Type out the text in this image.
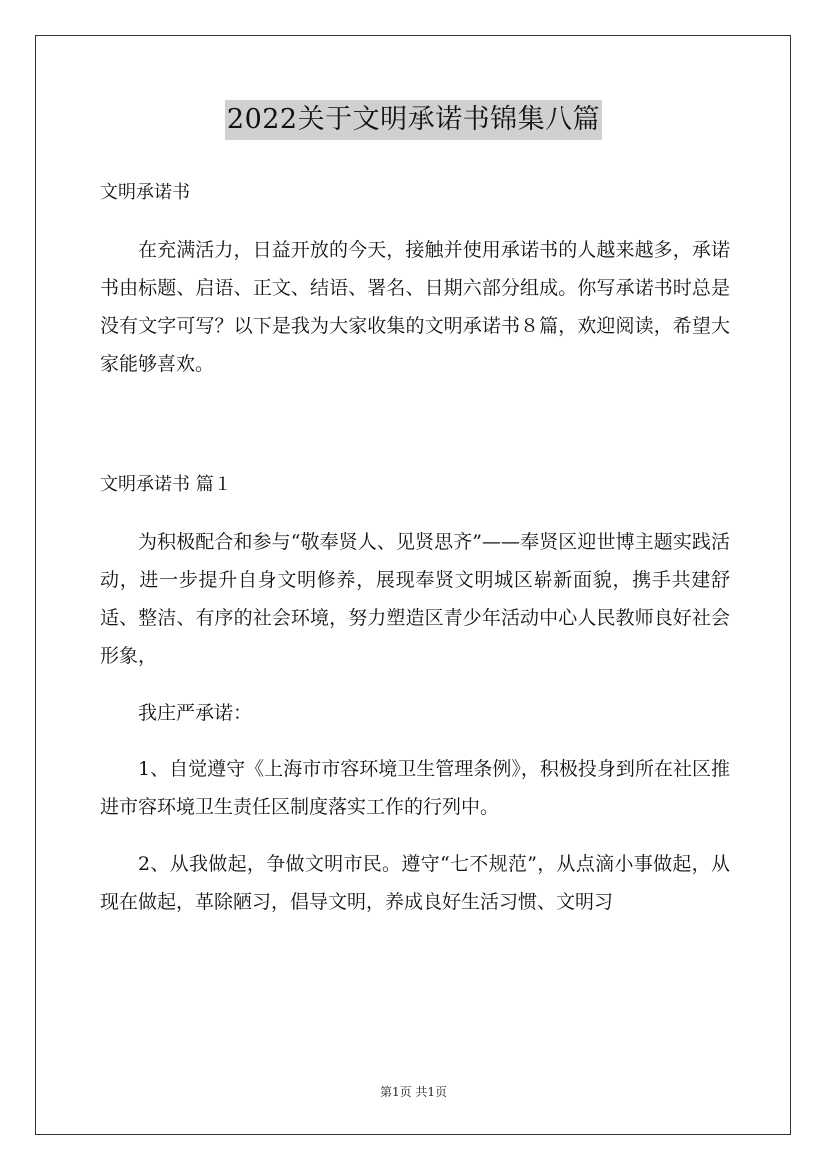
2022关于文明承诺书锦集八篇

文明承诺书

在充满活力，日益开放的今天，接触并使用承诺书的人越来越多，承诺书由标题、启语、正文、结语、署名、日期六部分组成。你写承诺书时总是没有文字可写？以下是我为大家收集的文明承诺书８篇，欢迎阅读，希望大家能够喜欢。

文明承诺书 篇１

为积极配合和参与“敬奉贤人、见贤思齐”——奉贤区迎世博主题实践活动，进一步提升自身文明修养，展现奉贤文明城区崭新面貌，携手共建舒适、整洁、有序的社会环境，努力塑造区青少年活动中心人民教师良好社会形象，

我庄严承诺：

1、自觉遵守《上海市市容环境卫生管理条例》，积极投身到所在社区推进市容环境卫生责任区制度落实工作的行列中。

2、从我做起，争做文明市民。遵守“七不规范”，从点滴小事做起，从现在做起，革除陋习，倡导文明，养成良好生活习惯、文明习

第1页 共1页
